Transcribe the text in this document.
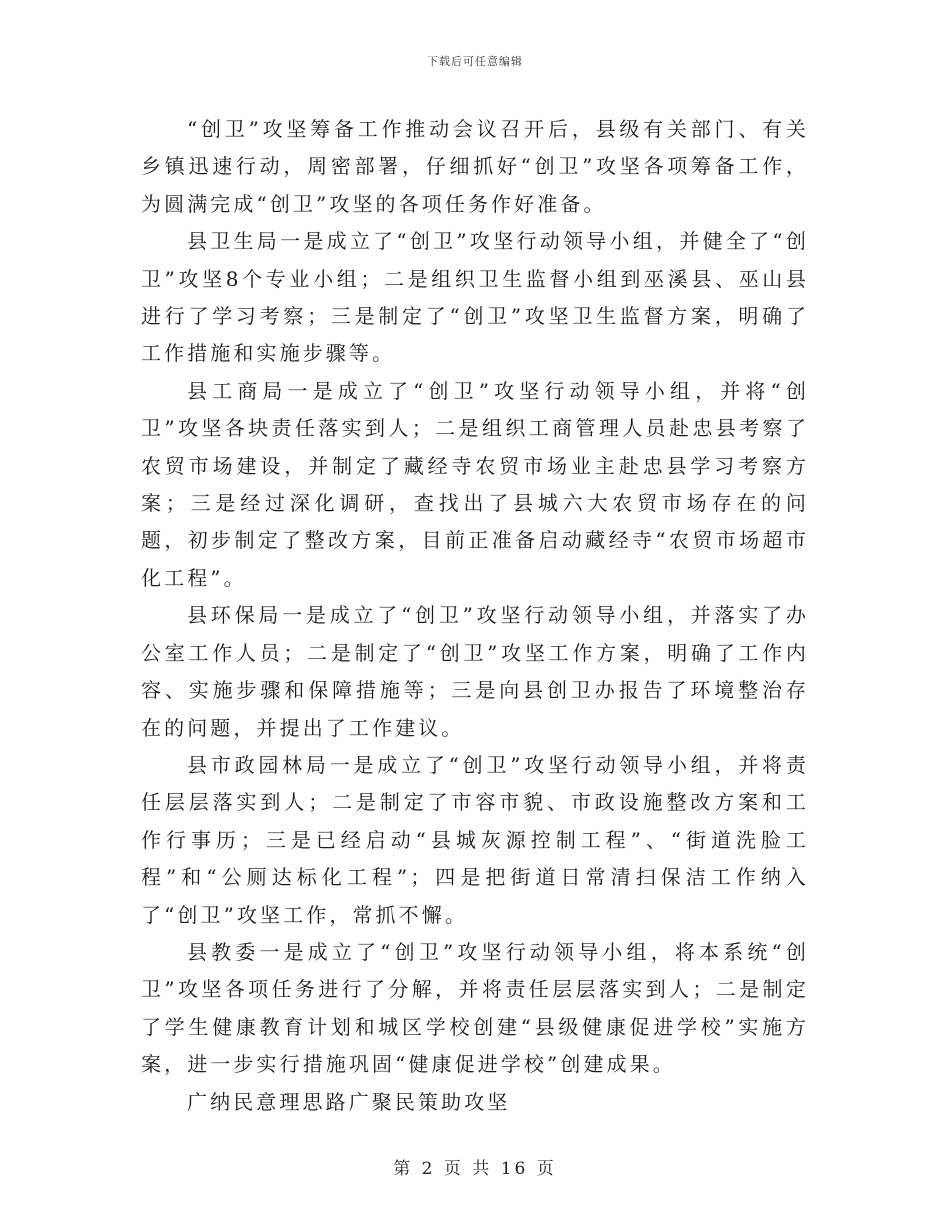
下载后可任意编辑

“创卫”攻坚筹备工作推动会议召开后，县级有关部门、有关乡镇迅速行动，周密部署，仔细抓好“创卫”攻坚各项筹备工作，为圆满完成“创卫”攻坚的各项任务作好准备。

县卫生局一是成立了“创卫”攻坚行动领导小组，并健全了“创卫”攻坚8个专业小组；二是组织卫生监督小组到巫溪县、巫山县进行了学习考察；三是制定了“创卫”攻坚卫生监督方案，明确了工作措施和实施步骤等。

县工商局一是成立了“创卫”攻坚行动领导小组，并将“创卫”攻坚各块责任落实到人；二是组织工商管理人员赴忠县考察了农贸市场建设，并制定了藏经寺农贸市场业主赴忠县学习考察方案；三是经过深化调研，查找出了县城六大农贸市场存在的问题，初步制定了整改方案，目前正准备启动藏经寺“农贸市场超市化工程”。

县环保局一是成立了“创卫”攻坚行动领导小组，并落实了办公室工作人员；二是制定了“创卫”攻坚工作方案，明确了工作内容、实施步骤和保障措施等；三是向县创卫办报告了环境整治存在的问题，并提出了工作建议。

县市政园林局一是成立了“创卫”攻坚行动领导小组，并将责任层层落实到人；二是制定了市容市貌、市政设施整改方案和工作行事历；三是已经启动“县城灰源控制工程”、“街道洗脸工程”和“公厕达标化工程”；四是把街道日常清扫保洁工作纳入了“创卫”攻坚工作，常抓不懈。

县教委一是成立了“创卫”攻坚行动领导小组，将本系统“创卫”攻坚各项任务进行了分解，并将责任层层落实到人；二是制定了学生健康教育计划和城区学校创建“县级健康促进学校”实施方案，进一步实行措施巩固“健康促进学校”创建成果。

广纳民意理思路广聚民策助攻坚

第 2 页 共 16 页
